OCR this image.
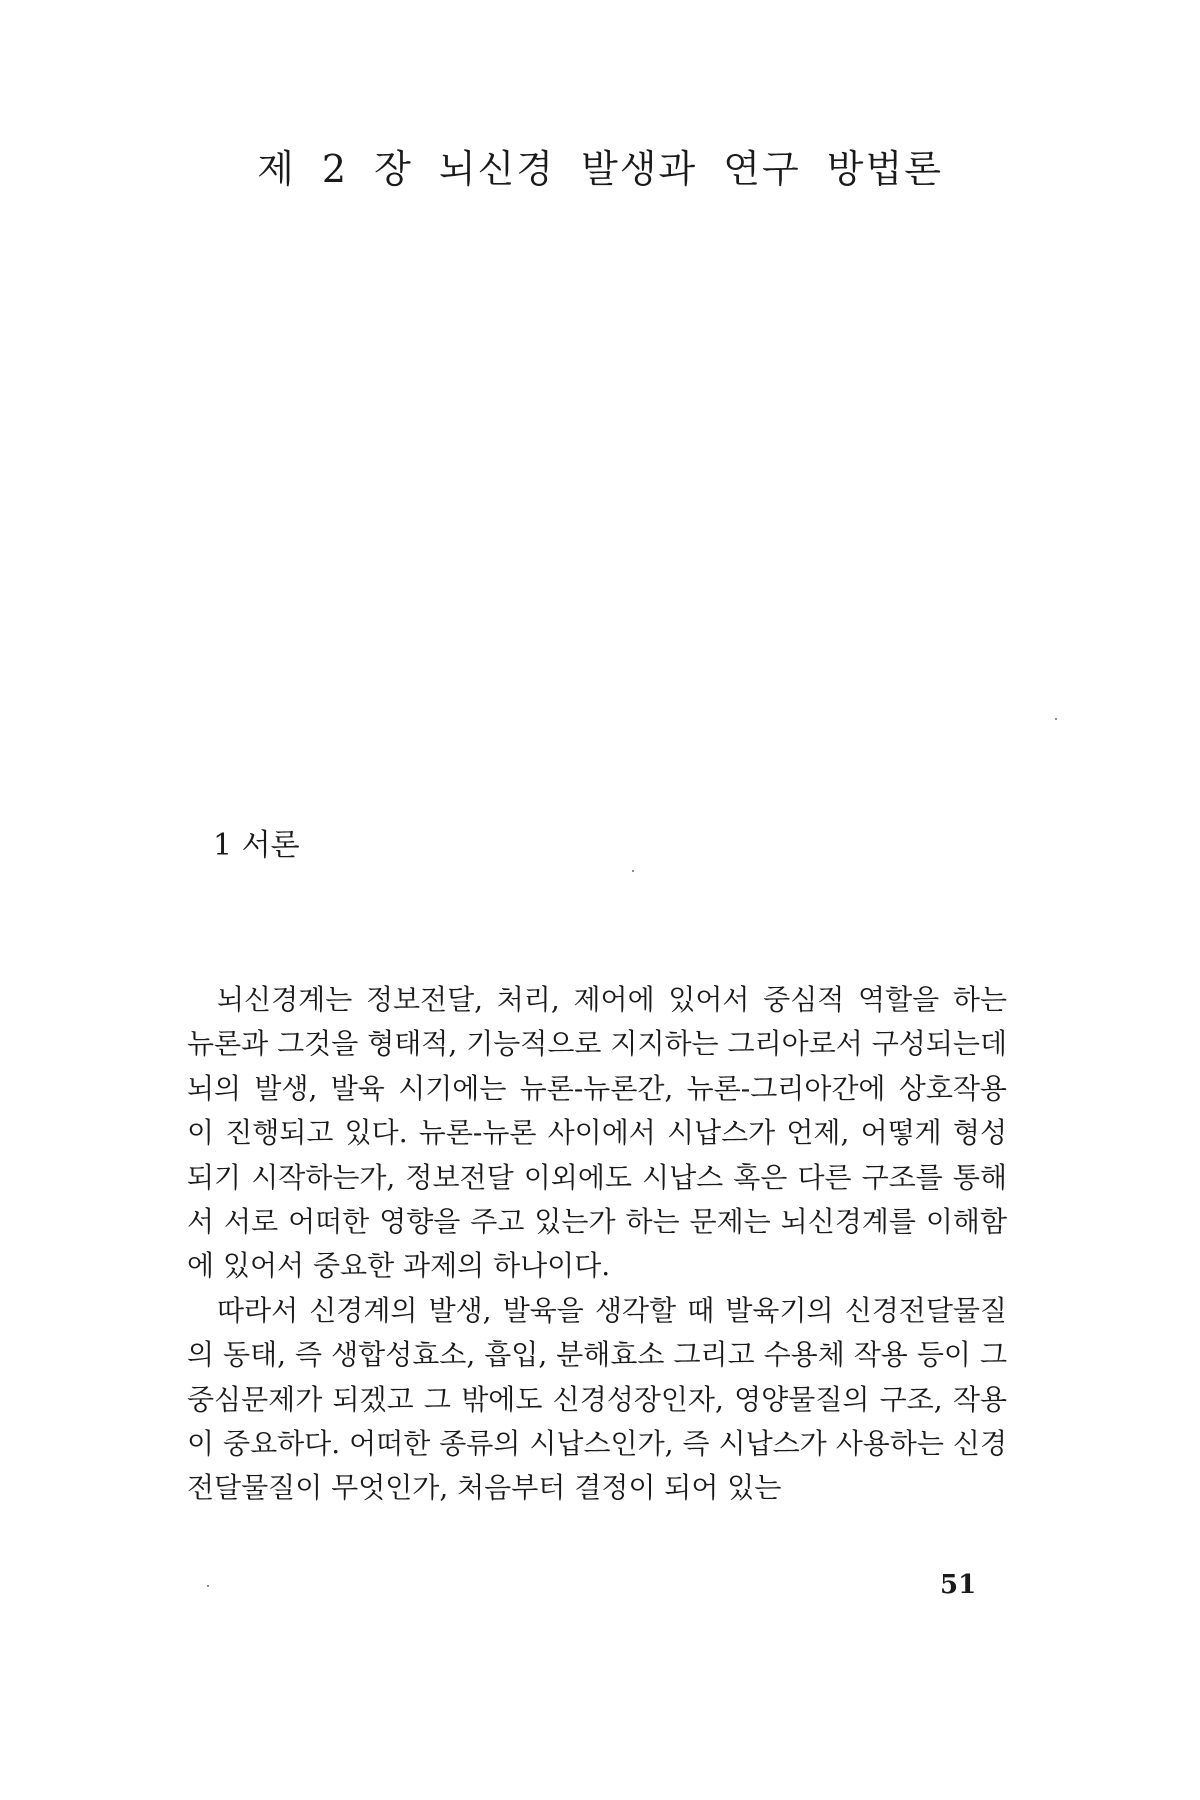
제 2 장 뇌신경 발생과 연구 방법론
1 서론

뇌신경계는 정보전달, 처리, 제어에 있어서 중심적 역할을 하는 뉴론과 그것을 형태적, 기능적으로 지지하는 그리아로서 구성되는데 뇌의 발생, 발육 시기에는 뉴론-뉴론간, 뉴론-그리아간에 상호작용이 진행되고 있다. 뉴론-뉴론 사이에서 시납스가 언제, 어떻게 형성되기 시작하는가, 정보전달 이외에도 시납스 혹은 다른 구조를 통해서 서로 어떠한 영향을 주고 있는가 하는 문제는 뇌신경계를 이해함에 있어서 중요한 과제의 하나이다.

따라서 신경계의 발생, 발육을 생각할 때 발육기의 신경전달물질의 동태, 즉 생합성효소, 흡입, 분해효소 그리고 수용체 작용 등이 그 중심문제가 되겠고 그 밖에도 신경성장인자, 영양물질의 구조, 작용이 중요하다. 어떠한 종류의 시납스인가, 즉 시납스가 사용하는 신경전달물질이 무엇인가, 처음부터 결정이 되어 있는

51
